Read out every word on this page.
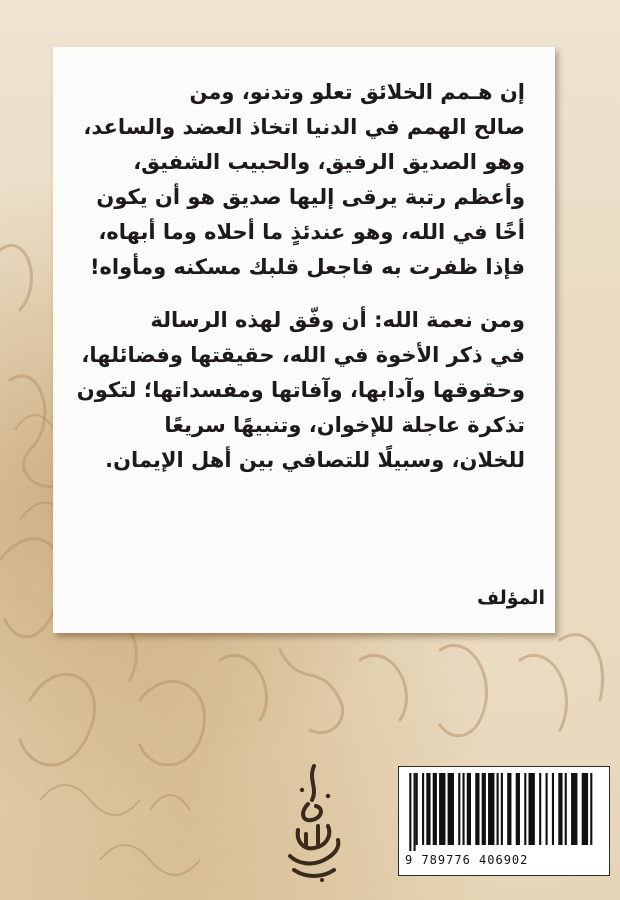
إن هـمم الخلائق تعلو وتدنو، ومن
صالح الهمم في الدنيا اتخاذ العضد والساعد،
وهو الصديق الرفيق، والحبيب الشفيق،
وأعظم رتبة يرقى إليها صديق هو أن يكون
أخًا في الله، وهو عندئذٍ ما أحلاه وما أبهاه،
فإذا ظفرت به فاجعل قلبك مسكنه ومأواه!
ومن نعمة الله: أن وفّق لهذه الرسالة
في ذكر الأخوة في الله، حقيقتها وفضائلها،
وحقوقها وآدابها، وآفاتها ومفسداتها؛ لتكون
تذكرة عاجلة للإخوان، وتنبيهًا سريعًا
للخلان، وسبيلًا للتصافي بين أهل الإيمان.
المؤلف
9 789776 406902
